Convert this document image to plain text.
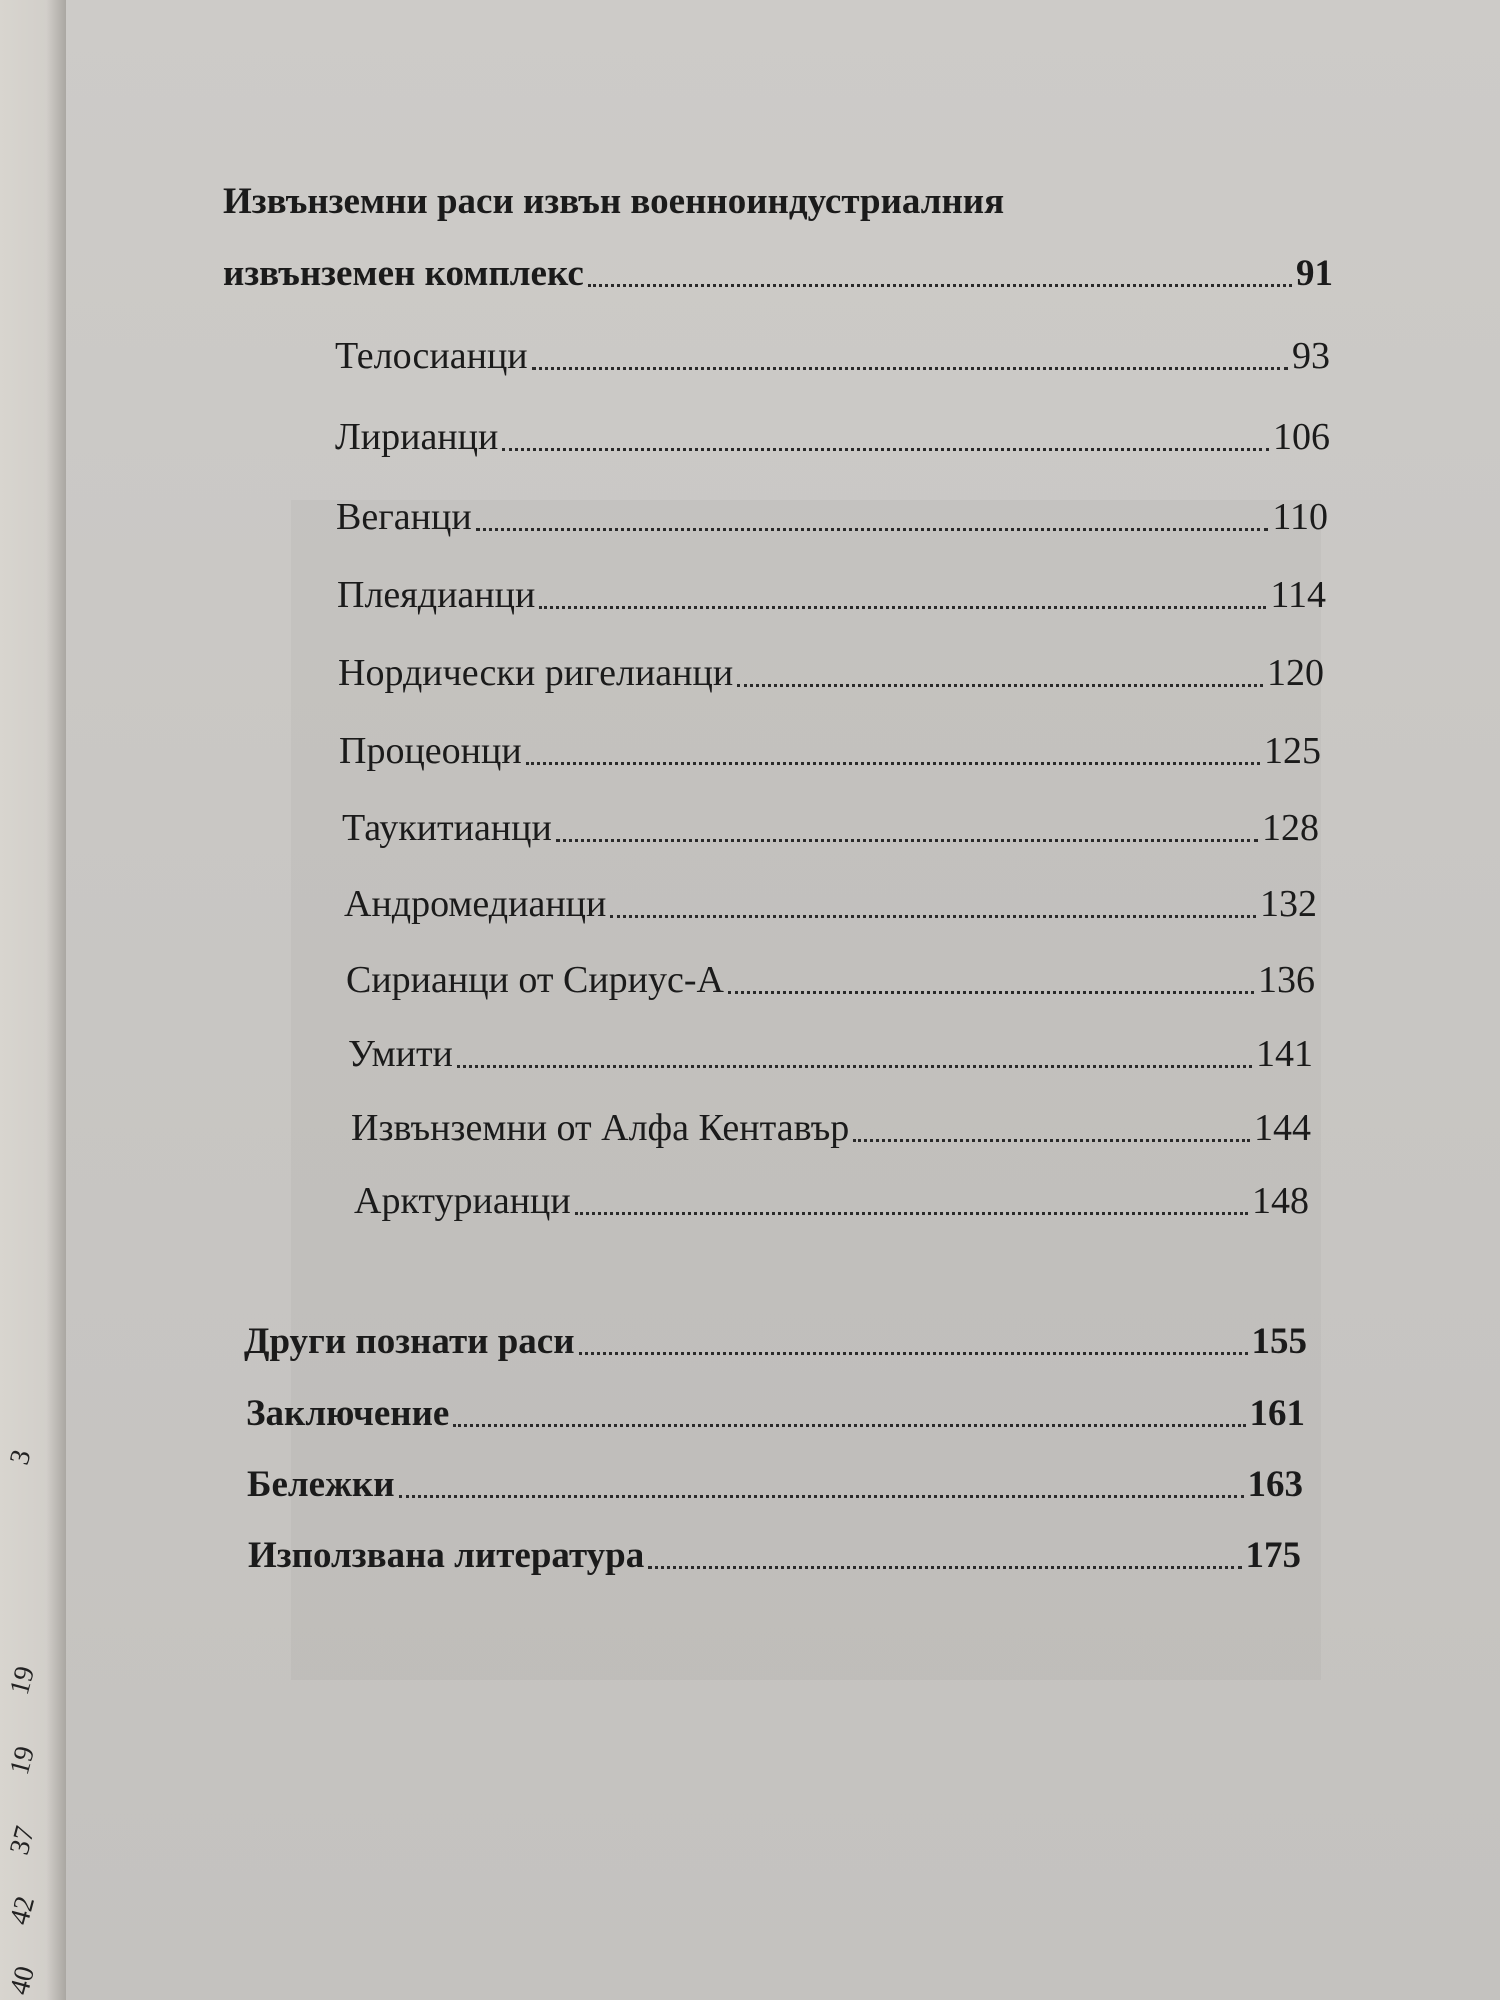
3
19
19
37
42
40
Извънземни раси извън военноиндустриалния
извънземен комплекс	91
Телосианци	93
Лирианци	106
Веганци	110
Плеядианци	114
Нордически ригелианци	120
Процеонци	125
Таукитианци	128
Андромедианци	132
Сирианци от Сириус-А	136
Умити	141
Извънземни от Алфа Кентавър	144
Арктурианци	148
Други познати раси	155
Заключение	161
Бележки	163
Използвана литература	175
